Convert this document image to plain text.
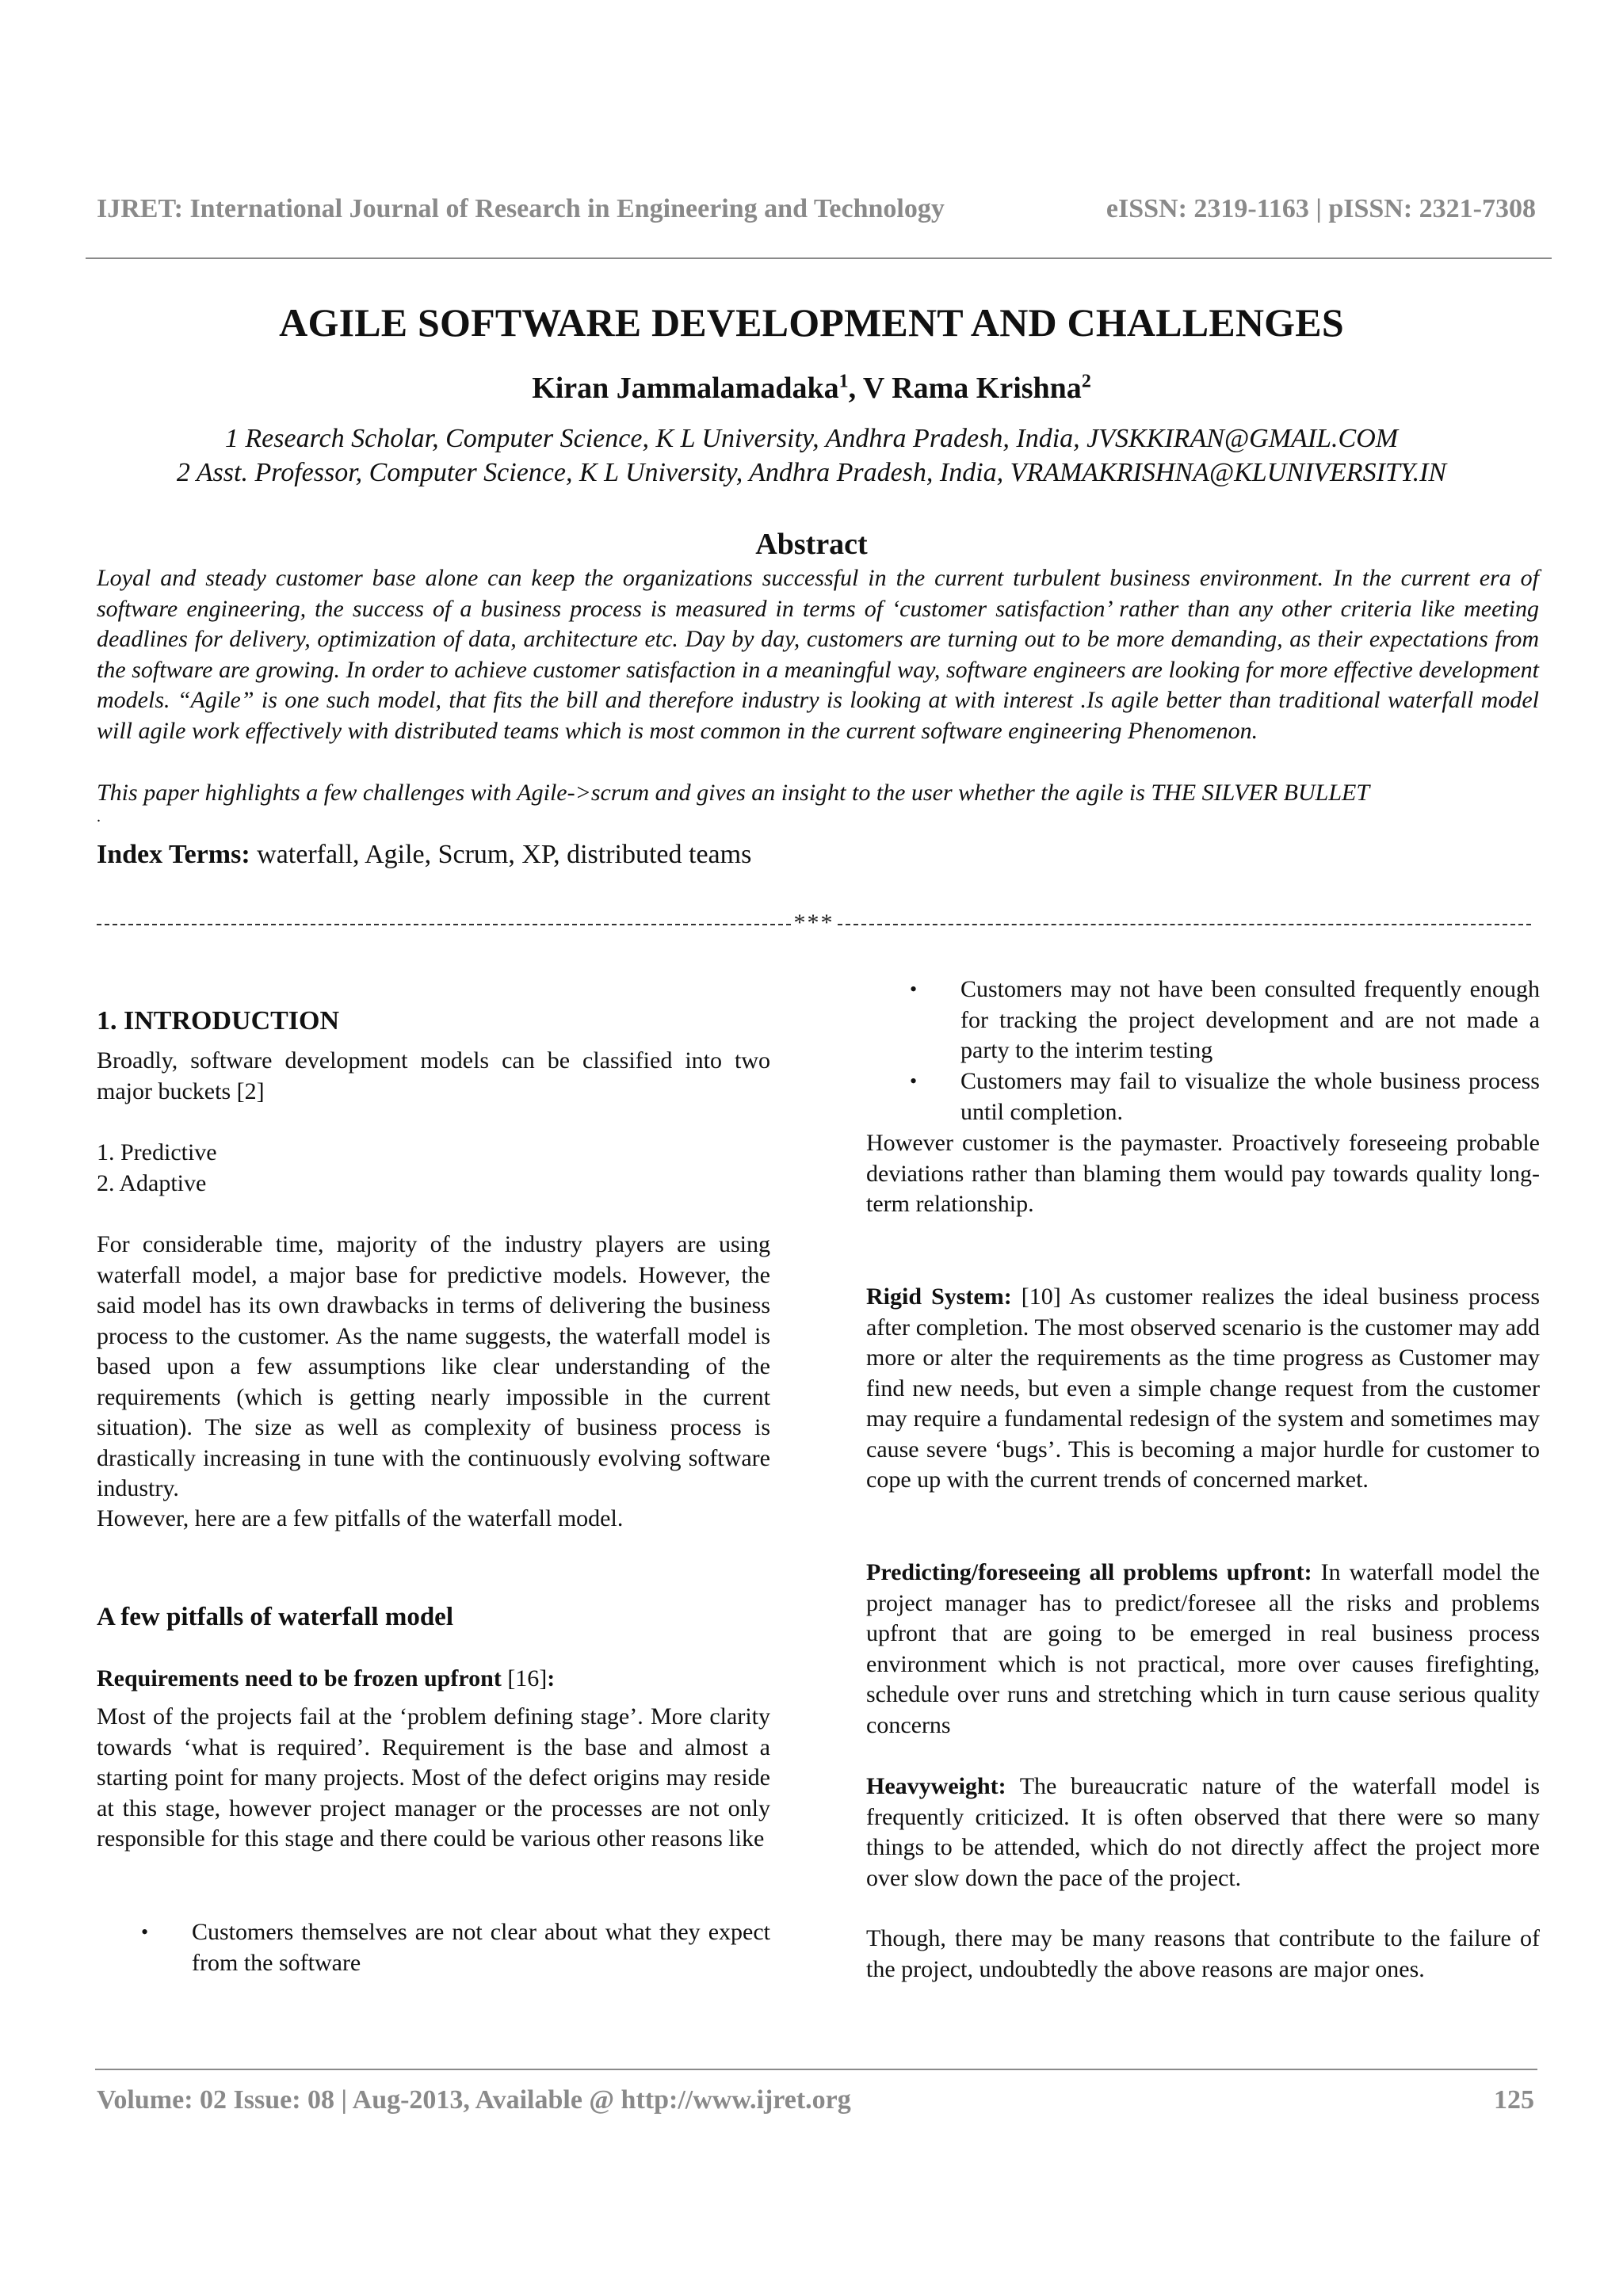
IJRET: International Journal of Research in Engineering and Technology	eISSN: 2319-1163 | pISSN: 2321-7308
AGILE SOFTWARE DEVELOPMENT AND CHALLENGES
Kiran Jammalamadaka$^1$, V Rama Krishna$^2$
1 Research Scholar, Computer Science, K L University, Andhra Pradesh, India, JVSKKIRAN@GMAIL.COM
2 Asst. Professor, Computer Science, K L University, Andhra Pradesh, India, VRAMAKRISHNA@KLUNIVERSITY.IN
Abstract

Loyal and steady customer base alone can keep the organizations successful in the current turbulent business environment. In the current era of software engineering, the success of a business process is measured in terms of ‘customer satisfaction’ rather than any other criteria like meeting deadlines for delivery, optimization of data, architecture etc. Day by day, customers are turning out to be more demanding, as their expectations from the software are growing. In order to achieve customer satisfaction in a meaningful way, software engineers are looking for more effective development models. “Agile” is one such model, that fits the bill and therefore industry is looking at with interest .Is agile better than traditional waterfall model will agile work effectively with distributed teams which is most common in the current software engineering Phenomenon.

This paper highlights a few challenges with Agile->scrum and gives an insight to the user whether the agile is THE SILVER BULLET
.
Index Terms: waterfall, Agile, Scrum, XP, distributed teams
***
1. INTRODUCTION
Broadly, software development models can be classified into two major buckets [2]
1. Predictive
2. Adaptive
For considerable time, majority of the industry players are using waterfall model, a major base for predictive models. However, the said model has its own drawbacks in terms of delivering the business process to the customer. As the name suggests, the waterfall model is based upon a few assumptions like clear understanding of the requirements (which is getting nearly impossible in the current situation). The size as well as complexity of business process is drastically increasing in tune with the continuously evolving software industry.
However, here are a few pitfalls of the waterfall model.
A few pitfalls of waterfall model
Requirements need to be frozen upfront [16]:
Most of the projects fail at the ‘problem defining stage’. More clarity towards ‘what is required’. Requirement is the base and almost a starting point for many projects. Most of the defect origins may reside at this stage, however project manager or the processes are not only responsible for this stage and there could be various other reasons like
• Customers themselves are not clear about what they expect from the software
• Customers may not have been consulted frequently enough for tracking the project development and are not made a party to the interim testing
• Customers may fail to visualize the whole business process until completion.
However customer is the paymaster. Proactively foreseeing probable deviations rather than blaming them would pay towards quality long-term relationship.
Rigid System: [10] As customer realizes the ideal business process after completion. The most observed scenario is the customer may add more or alter the requirements as the time progress as Customer may find new needs, but even a simple change request from the customer may require a fundamental redesign of the system and sometimes may cause severe ‘bugs’. This is becoming a major hurdle for customer to cope up with the current trends of concerned market.
Predicting/foreseeing all problems upfront: In waterfall model the project manager has to predict/foresee all the risks and problems upfront that are going to be emerged in real business process environment which is not practical, more over causes firefighting, schedule over runs and stretching which in turn cause serious quality concerns
Heavyweight: The bureaucratic nature of the waterfall model is frequently criticized. It is often observed that there were so many things to be attended, which do not directly affect the project more over slow down the pace of the project.
Though, there may be many reasons that contribute to the failure of the project, undoubtedly the above reasons are major ones.
Volume: 02 Issue: 08 | Aug-2013, Available @ http://www.ijret.org	125
